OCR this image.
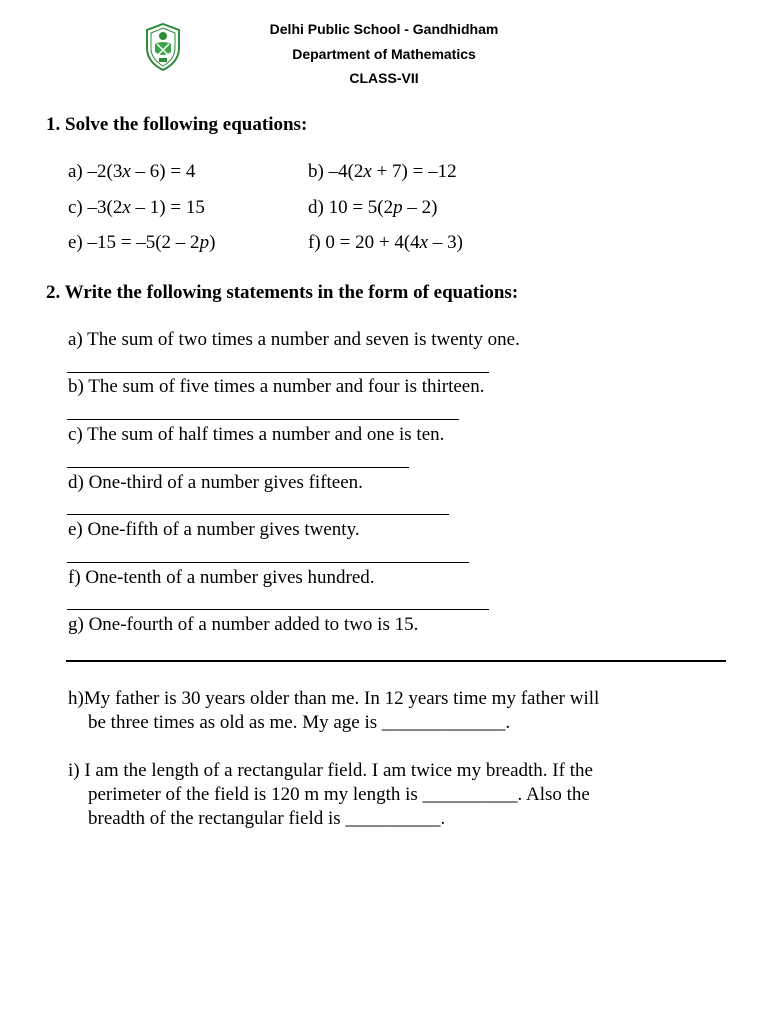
Delhi Public School - Gandhidham
Department of Mathematics
CLASS-VII
1. Solve the following equations:
a) –2(3x – 6) = 4	b) –4(2x + 7) = –12
c) –3(2x – 1) = 15	d) 10 = 5(2p – 2)
e) –15 = –5(2 – 2p)	f) 0 = 20 + 4(4x – 3)
2. Write the following statements in the form of equations:
a) The sum of two times a number and seven is twenty one.
b) The sum of five times a number and four is thirteen.
c) The sum of half times a number and one is ten.
d) One-third of a number gives fifteen.
e) One-fifth of a number gives twenty.
f) One-tenth of a number gives hundred.
g) One-fourth of a number added to two is 15.
h)My father is 30 years older than me. In 12 years time my father will
be three times as old as me. My age is _____________.
i) I am the length of a rectangular field. I am twice my breadth. If the
perimeter of the field is 120 m my length is __________. Also the
breadth of the rectangular field is __________.
